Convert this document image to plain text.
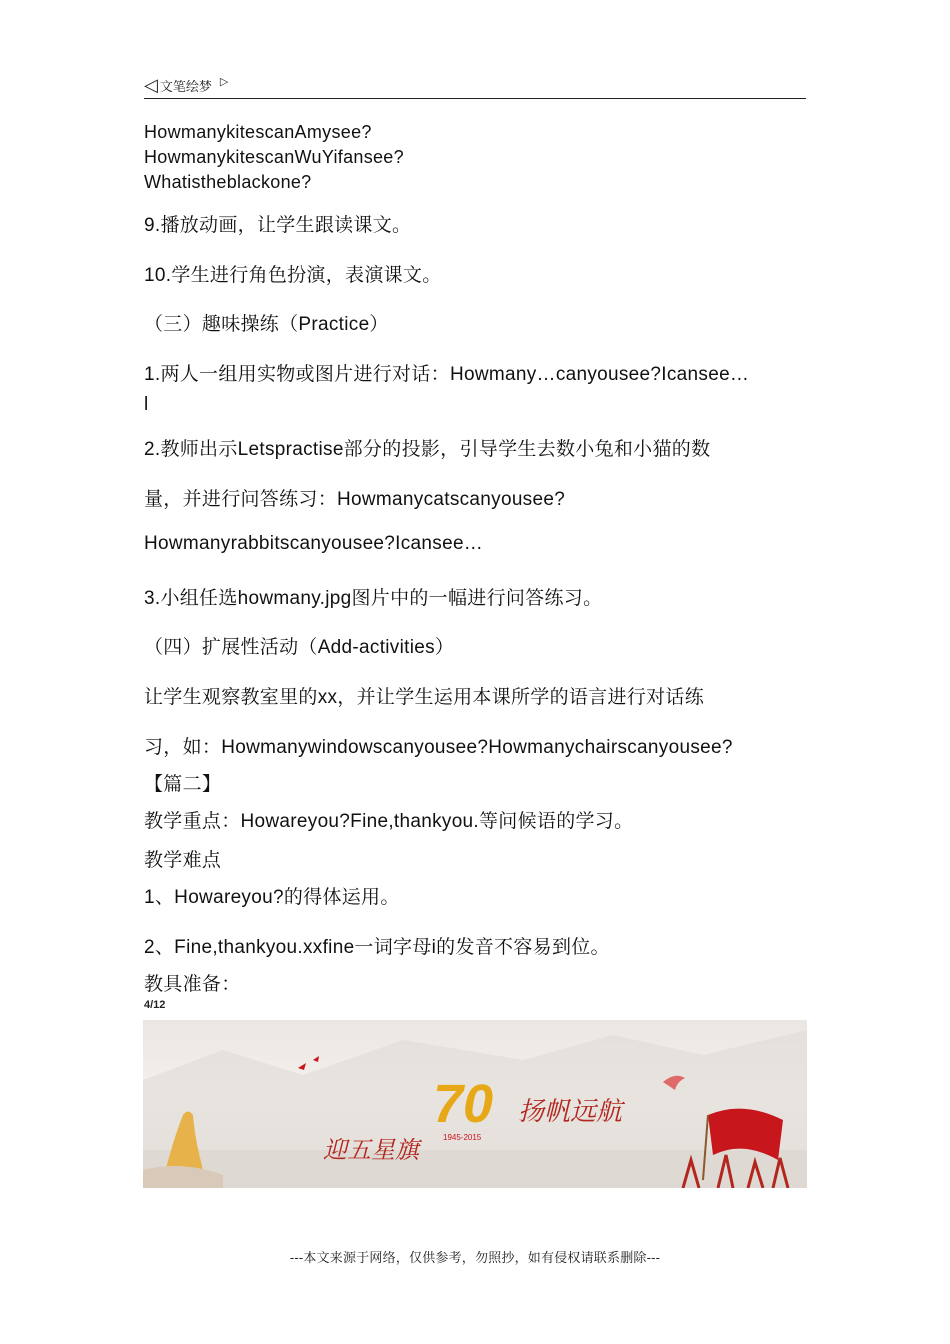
◁ 文笔绘梦 ▷
HowmanykitescanAmysee?
HowmanykitescanWuYifansee?
Whatistheblackone?
9.播放动画，让学生跟读课文。
10.学生进行角色扮演，表演课文。
（三）趣味操练（Practice）
1.两人一组用实物或图片进行对话：Howmany…canyousee?Icansee…
l
2.教师出示Letspractise部分的投影，引导学生去数小兔和小猫的数
量，并进行问答练习：Howmanycatscanyousee?
Howmanyrabbitscanyousee?Icansee…
3.小组任选howmany.jpg图片中的一幅进行问答练习。
（四）扩展性活动（Add-activities）
让学生观察教室里的xx，并让学生运用本课所学的语言进行对话练
习，如：Howmanywindowscanyousee?Howmanychairscanyousee?
【篇二】
教学重点：Howareyou?Fine,thankyou.等问候语的学习。
教学难点
1、Howareyou?的得体运用。
2、Fine,thankyou.xxfine一词字母i的发音不容易到位。
教具准备：
4/12
迎五星旗
70
1945-2015
扬帆远航
---本文来源于网络，仅供参考，勿照抄，如有侵权请联系删除---
